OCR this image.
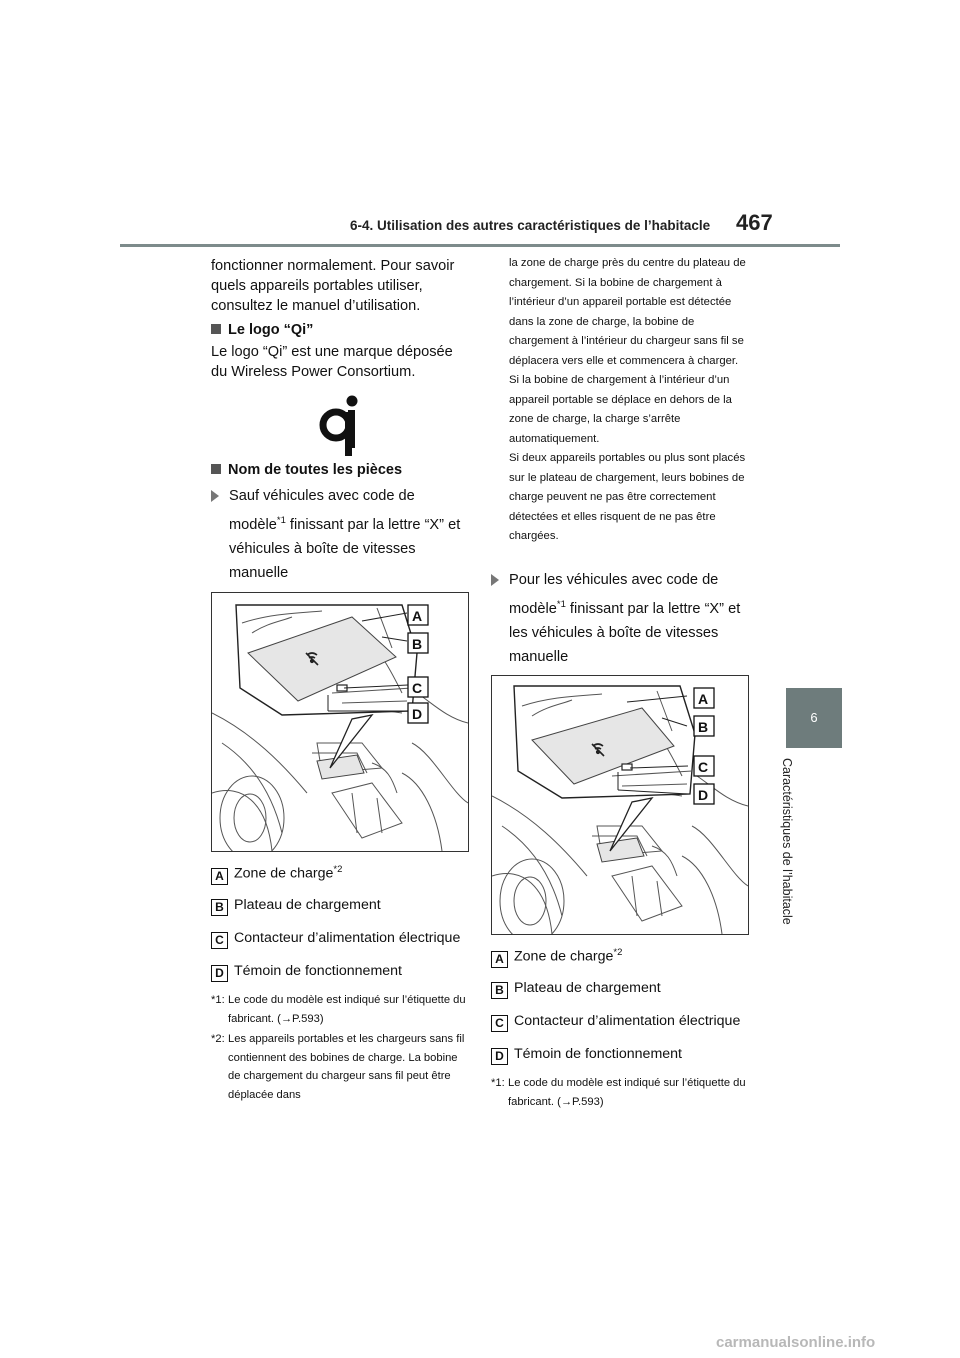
6-4. Utilisation des autres caractéristiques de l’habitacle 467
6
Caractéristiques de l’habitacle
fonctionner normalement. Pour savoir quels appareils portables utiliser, consultez le manuel d’utilisation.
Le logo “Qi”
Le logo “Qi” est une marque déposée du Wireless Power Consortium.
Nom de toutes les pièces
Sauf véhicules avec code de modèle$^{*1}$ finissant par la lettre “X” et véhicules à boîte de vitesses manuelle
A
B
C
D
A Zone de charge$^{*2}$
B Plateau de chargement
C Contacteur d’alimentation électrique
D Témoin de fonctionnement
*1: Le code du modèle est indiqué sur l’étiquette du fabricant. (→P.593)
*2: Les appareils portables et les chargeurs sans fil contiennent des bobines de charge. La bobine de chargement du chargeur sans fil peut être déplacée dans
la zone de charge près du centre du plateau de chargement. Si la bobine de chargement à l’intérieur d’un appareil portable est détectée dans la zone de charge, la bobine de chargement à l’intérieur du chargeur sans fil se déplacera vers elle et commencera à charger. Si la bobine de chargement à l’intérieur d’un appareil portable se déplace en dehors de la zone de charge, la charge s’arrête automatiquement.
Si deux appareils portables ou plus sont placés sur le plateau de chargement, leurs bobines de charge peuvent ne pas être correctement détectées et elles risquent de ne pas être chargées.
Pour les véhicules avec code de modèle$^{*1}$ finissant par la lettre “X” et les véhicules à boîte de vitesses manuelle
A
B
C
D
A Zone de charge$^{*2}$
B Plateau de chargement
C Contacteur d’alimentation électrique
D Témoin de fonctionnement
*1: Le code du modèle est indiqué sur l’étiquette du fabricant. (→P.593)
carmanualsonline.info
